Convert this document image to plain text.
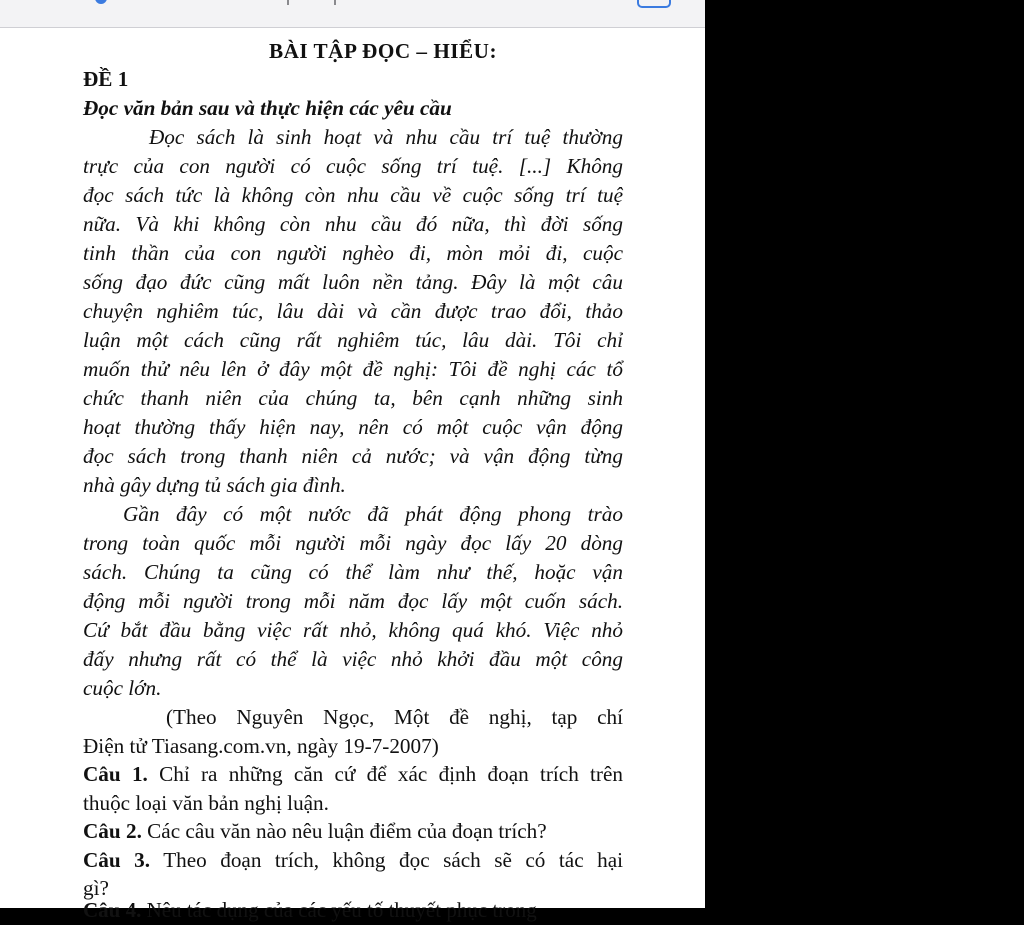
BÀI TẬP ĐỌC – HIỂU:
ĐỀ 1
Đọc văn bản sau và thực hiện các yêu cầu
Đọc sách là sinh hoạt và nhu cầu trí tuệ thường
trực của con người có cuộc sống trí tuệ. [...] Không
đọc sách tức là không còn nhu cầu về cuộc sống trí tuệ
nữa. Và khi không còn nhu cầu đó nữa, thì đời sống
tinh thần của con người nghèo đi, mòn mỏi đi, cuộc
sống đạo đức cũng mất luôn nền tảng. Đây là một câu
chuyện nghiêm túc, lâu dài và cần được trao đổi, thảo
luận một cách cũng rất nghiêm túc, lâu dài. Tôi chỉ
muốn thử nêu lên ở đây một đề nghị: Tôi đề nghị các tổ
chức thanh niên của chúng ta, bên cạnh những sinh
hoạt thường thấy hiện nay, nên có một cuộc vận động
đọc sách trong thanh niên cả nước; và vận động từng
nhà gây dựng tủ sách gia đình.
Gần đây có một nước đã phát động phong trào
trong toàn quốc mỗi người mỗi ngày đọc lấy 20 dòng
sách. Chúng ta cũng có thể làm như thế, hoặc vận
động mỗi người trong mỗi năm đọc lấy một cuốn sách.
Cứ bắt đầu bằng việc rất nhỏ, không quá khó. Việc nhỏ
đấy nhưng rất có thể là việc nhỏ khởi đầu một công
cuộc lớn.
(Theo Nguyên Ngọc, Một đề nghị, tạp chí
Điện tử Tiasang.com.vn, ngày 19-7-2007)
Câu 1. Chỉ ra những căn cứ để xác định đoạn trích trên
thuộc loại văn bản nghị luận.
Câu 2. Các câu văn nào nêu luận điểm của đoạn trích?
Câu 3. Theo đoạn trích, không đọc sách sẽ có tác hại
gì?
Câu 4. Nêu tác dụng của các yếu tố thuyết phục trong
